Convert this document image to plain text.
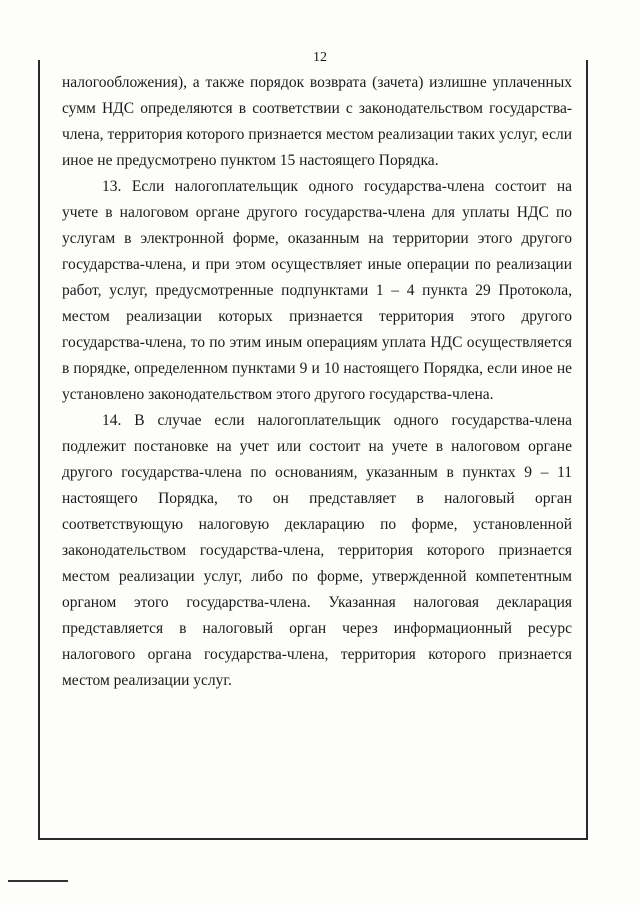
12

налогообложения), а также порядок возврата (зачета) излишне уплаченных сумм НДС определяются в соответствии с законодательством государства-члена, территория которого признается местом реализации таких услуг, если иное не предусмотрено пунктом 15 настоящего Порядка.

13. Если налогоплательщик одного государства-члена состоит на учете в налоговом органе другого государства-члена для уплаты НДС по услугам в электронной форме, оказанным на территории этого другого государства-члена, и при этом осуществляет иные операции по реализации работ, услуг, предусмотренные подпунктами 1 – 4 пункта 29 Протокола, местом реализации которых признается территория этого другого государства-члена, то по этим иным операциям уплата НДС осуществляется в порядке, определенном пунктами 9 и 10 настоящего Порядка, если иное не установлено законодательством этого другого государства-члена.

14. В случае если налогоплательщик одного государства-члена подлежит постановке на учет или состоит на учете в налоговом органе другого государства-члена по основаниям, указанным в пунктах 9 – 11 настоящего Порядка, то он представляет в налоговый орган соответствующую налоговую декларацию по форме, установленной законодательством государства-члена, территория которого признается местом реализации услуг, либо по форме, утвержденной компетентным органом этого государства-члена. Указанная налоговая декларация представляется в налоговый орган через информационный ресурс налогового органа государства-члена, территория которого признается местом реализации услуг.
